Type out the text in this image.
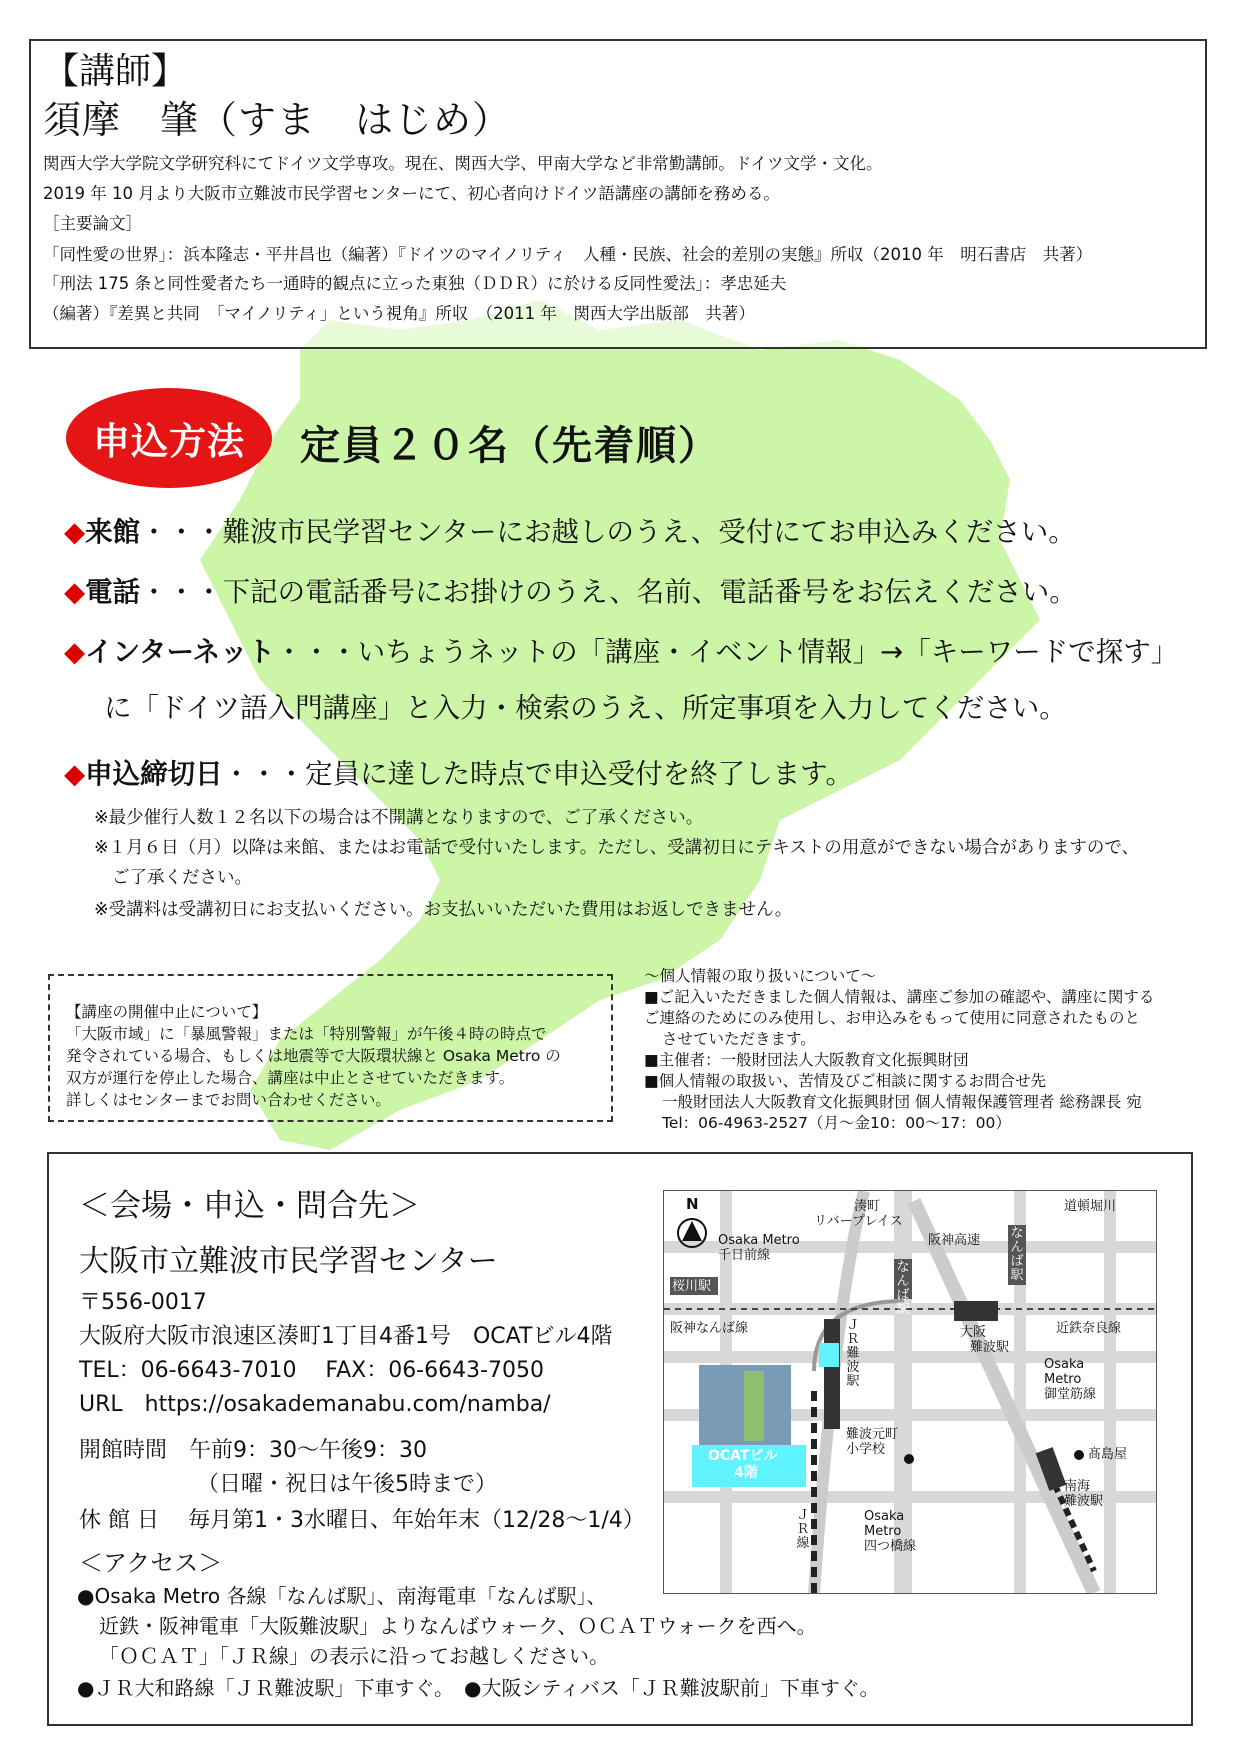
【講師】
須摩　肇（すま　はじめ）
関西大学大学院文学研究科にてドイツ文学専攻。現在、関西大学、甲南大学など非常勤講師。ドイツ文学・文化。
2019 年 10 月より大阪市立難波市民学習センターにて、初心者向けドイツ語講座の講師を務める。
［主要論文］
「同性愛の世界」：浜本隆志・平井昌也（編著）『ドイツのマイノリティ　人種・民族、社会的差別の実態』所収（2010 年　明石書店　共著）
「刑法 175 条と同性愛者たち一通時的観点に立った東独（ＤＤＲ）に於ける反同性愛法」：孝忠延夫
（編著）『差異と共同　「マイノリティ」という視角』所収　（2011 年　関西大学出版部　共著）
申込方法	定員２０名（先着順）
◆来館・・・難波市民学習センターにお越しのうえ、受付にてお申込みください。
◆電話・・・下記の電話番号にお掛けのうえ、名前、電話番号をお伝えください。
◆インターネット・・・いちょうネットの「講座・イベント情報」→「キーワードで探す」
に「ドイツ語入門講座」と入力・検索のうえ、所定事項を入力してください。
◆申込締切日・・・定員に達した時点で申込受付を終了します。
※最少催行人数１２名以下の場合は不開講となりますので、ご了承ください。
※１月６日（月）以降は来館、またはお電話で受付いたします。ただし、受講初日にテキストの用意ができない場合がありますので、
ご了承ください。
※受講料は受講初日にお支払いください。お支払いいただいた費用はお返しできません。
【講座の開催中止について】
「大阪市域」に「暴風警報」または「特別警報」が午後４時の時点で
発令されている場合、もしくは地震等で大阪環状線と Osaka Metro の
双方が運行を停止した場合、講座は中止とさせていただきます。
詳しくはセンターまでお問い合わせください。
～個人情報の取り扱いについて～
■ご記入いただきました個人情報は、講座ご参加の確認や、講座に関する
ご連絡のためにのみ使用し、お申込みをもって使用に同意されたものと
させていただきます。
■主催者：一般財団法人大阪教育文化振興財団
■個人情報の取扱い、苦情及びご相談に関するお問合せ先
一般財団法人大阪教育文化振興財団 個人情報保護管理者 総務課長 宛
Tel：06-4963-2527（月～金10：00～17：00）
＜会場・申込・問合先＞
大阪市立難波市民学習センター
〒556-0017
大阪府大阪市浪速区湊町1丁目4番1号　OCATビル4階
TEL：06-6643-7010　 FAX：06-6643-7050
URL　https://osakademanabu.com/namba/
開館時間　午前9：30～午後9：30
（日曜・祝日は午後5時まで）
休 館 日　 毎月第1・3水曜日、年始年末（12/28～1/4）
＜アクセス＞
●Osaka Metro 各線「なんば駅」、南海電車「なんば駅」、
近鉄・阪神電車「大阪難波駅」よりなんばウォーク、ＯＣＡＴウォークを西へ。
「ＯＣＡＴ」「ＪＲ線」の表示に沿ってお越しください。
●ＪＲ大和路線「ＪＲ難波駅」下車すぐ。　●大阪シティバス「ＪＲ難波駅前」下車すぐ。
N	湊町
リバープレイス
Osaka Metro
千日前線
阪神高速
道頓堀川
桜川駅
なんば駅
なんば駅
阪神なんば線	ＪＲ難波駅
大阪
難波駅
近鉄奈良線
Osaka
Metro
御堂筋線
難波元町
小学校	髙島屋
南海
難波駅
OCATビル
4階
ＪＲ線
Osaka
Metro
四つ橋線
